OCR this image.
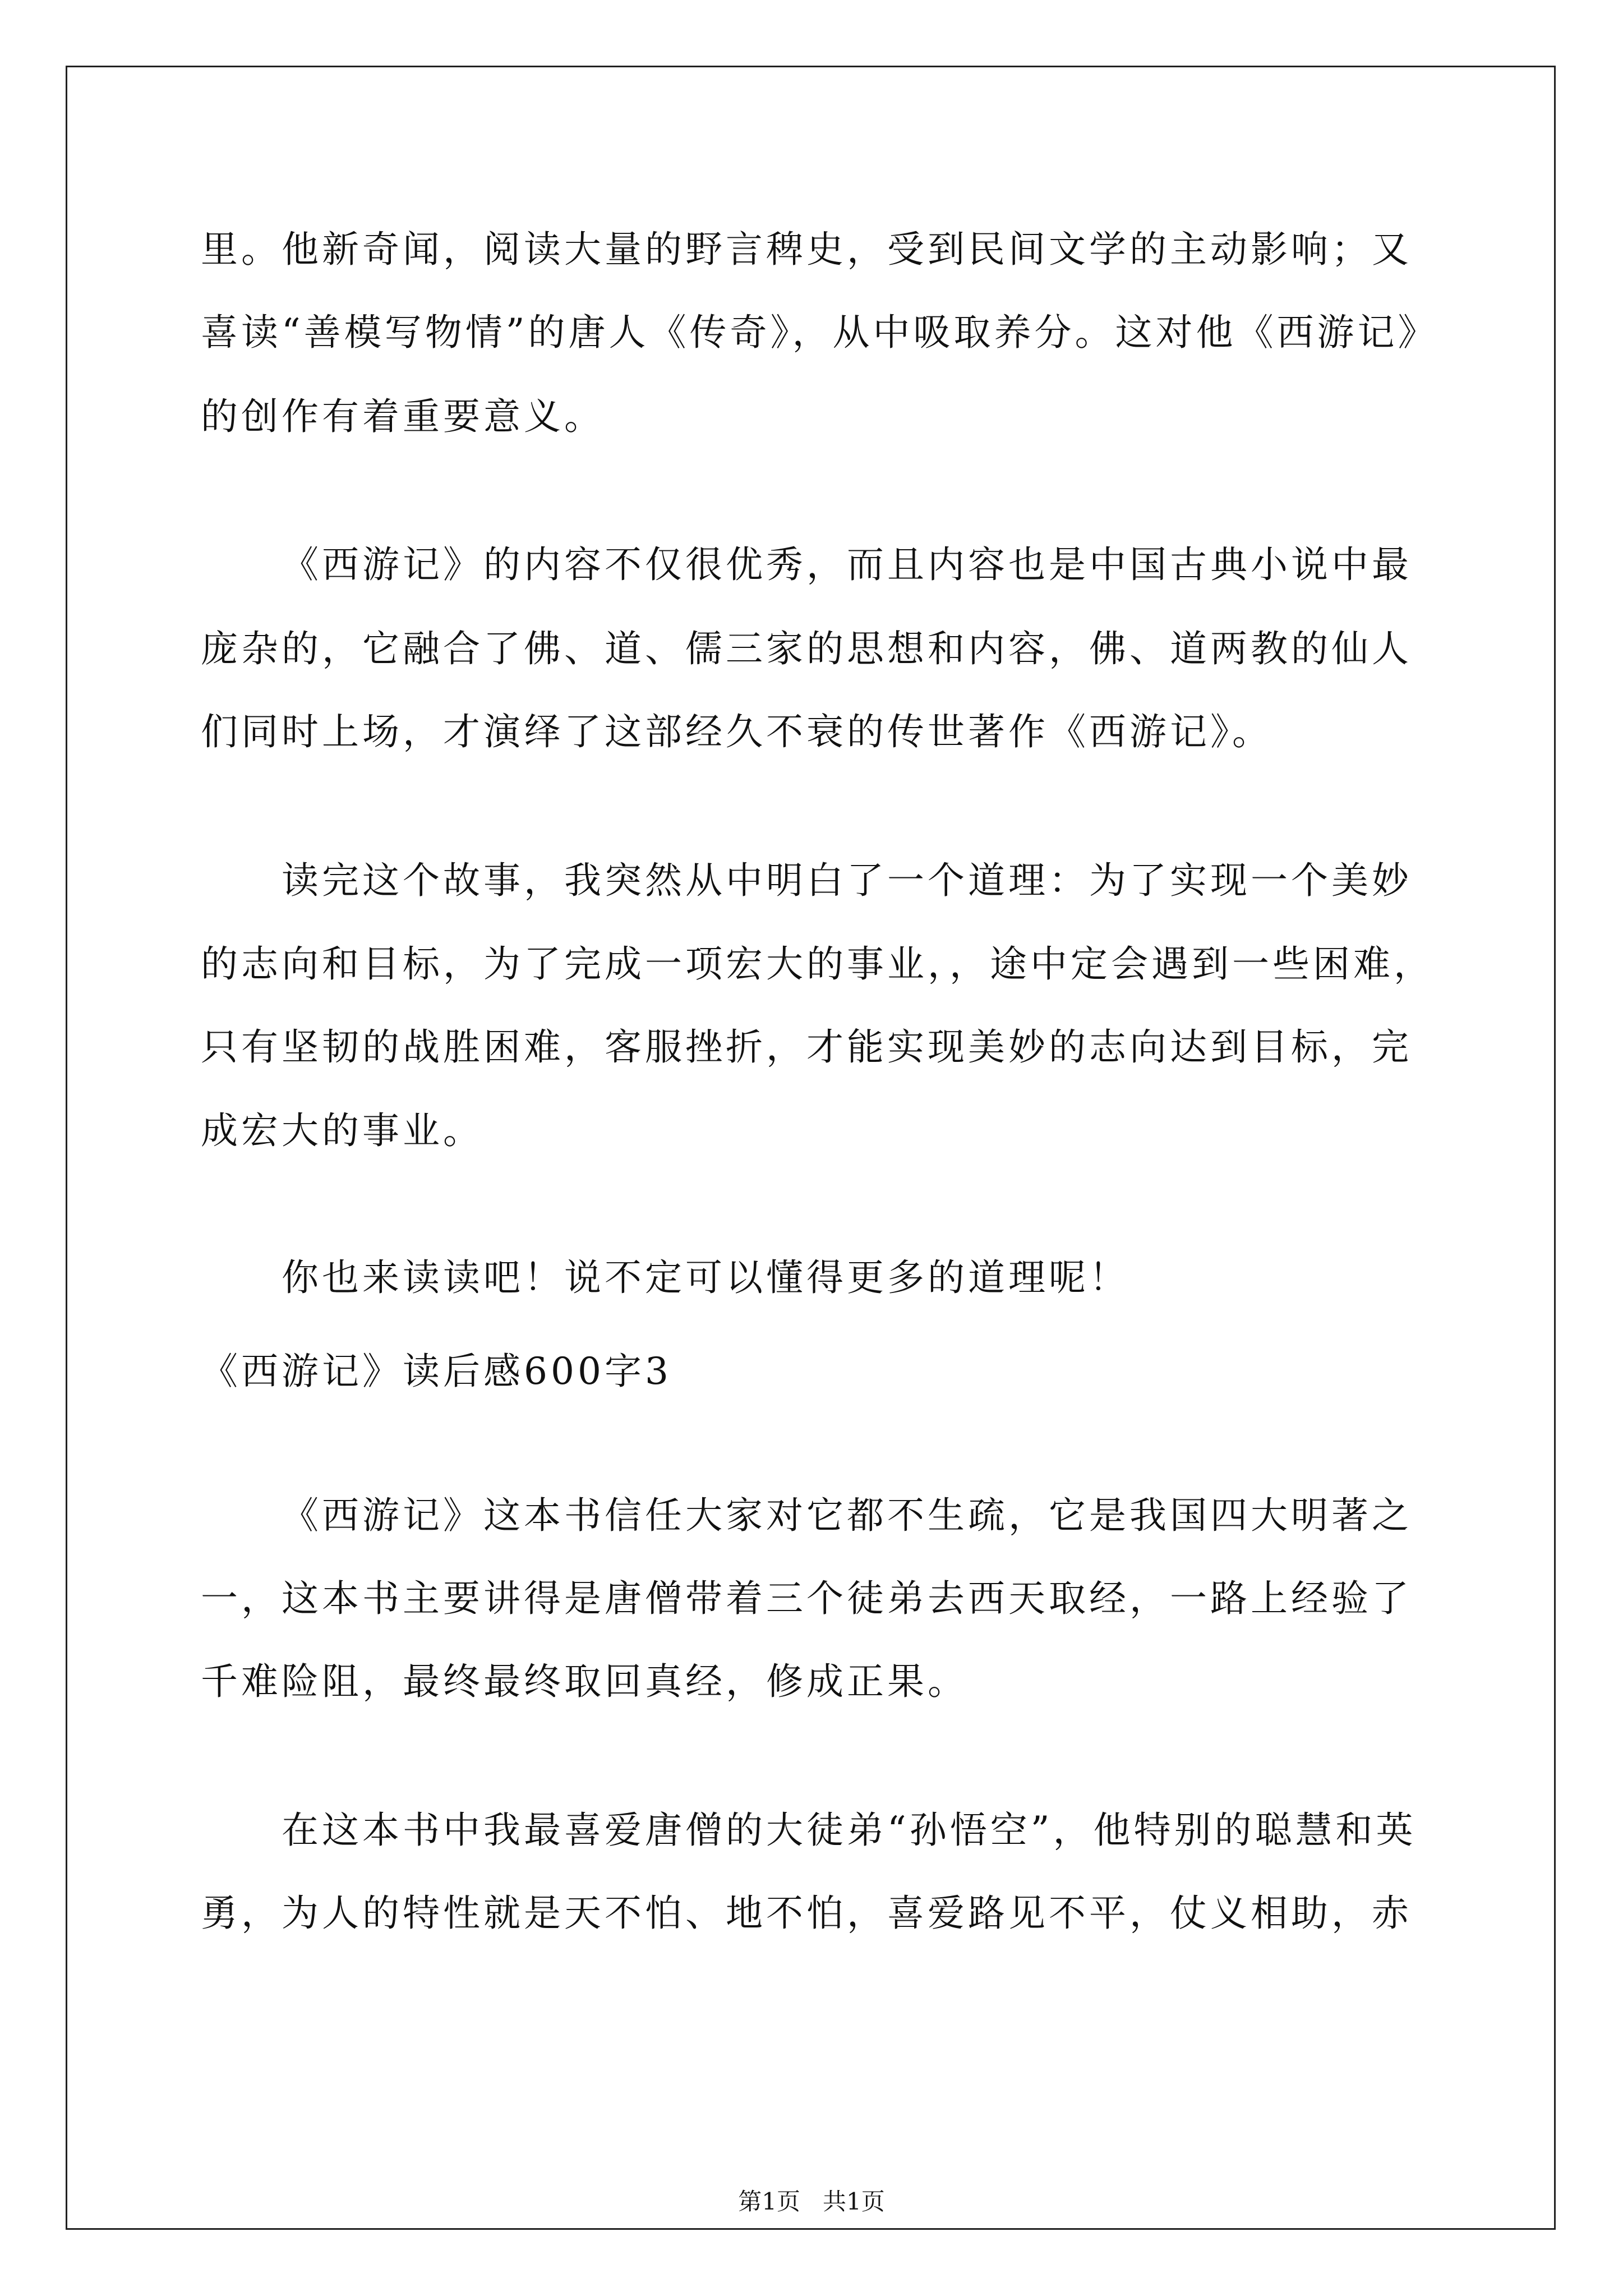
里。他新奇闻，阅读大量的野言稗史，受到民间文学的主动影响；又
喜读“善模写物情”的唐人《传奇》，从中吸取养分。这对他《西游记》
的创作有着重要意义。
《西游记》的内容不仅很优秀，而且内容也是中国古典小说中最
庞杂的，它融合了佛、道、儒三家的思想和内容，佛、道两教的仙人
们同时上场，才演绎了这部经久不衰的传世著作《西游记》。
读完这个故事，我突然从中明白了一个道理：为了实现一个美妙
的志向和目标，为了完成一项宏大的事业，，途中定会遇到一些困难，
只有坚韧的战胜困难，客服挫折，才能实现美妙的志向达到目标，完
成宏大的事业。
你也来读读吧！说不定可以懂得更多的道理呢！
《西游记》读后感600字3
《西游记》这本书信任大家对它都不生疏，它是我国四大明著之
一，这本书主要讲得是唐僧带着三个徒弟去西天取经，一路上经验了
千难险阻，最终最终取回真经，修成正果。
在这本书中我最喜爱唐僧的大徒弟“孙悟空”，他特别的聪慧和英
勇，为人的特性就是天不怕、地不怕，喜爱路见不平，仗义相助，赤
第1页   共1页
